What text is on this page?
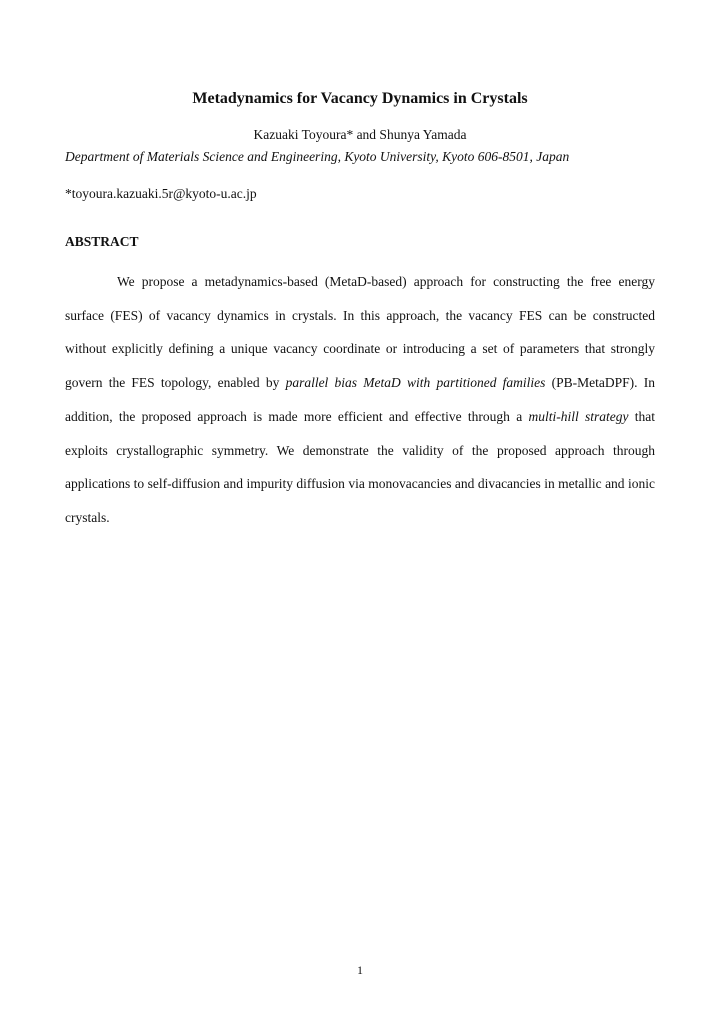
Metadynamics for Vacancy Dynamics in Crystals
Kazuaki Toyoura* and Shunya Yamada
Department of Materials Science and Engineering, Kyoto University, Kyoto 606-8501, Japan
*toyoura.kazuaki.5r@kyoto-u.ac.jp
ABSTRACT

We propose a metadynamics-based (MetaD-based) approach for constructing the free energy surface (FES) of vacancy dynamics in crystals. In this approach, the vacancy FES can be constructed without explicitly defining a unique vacancy coordinate or introducing a set of parameters that strongly govern the FES topology, enabled by parallel bias MetaD with partitioned families (PB-MetaDPF). In addition, the proposed approach is made more efficient and effective through a multi-hill strategy that exploits crystallographic symmetry. We demonstrate the validity of the proposed approach through applications to self-diffusion and impurity diffusion via monovacancies and divacancies in metallic and ionic crystals.

1
